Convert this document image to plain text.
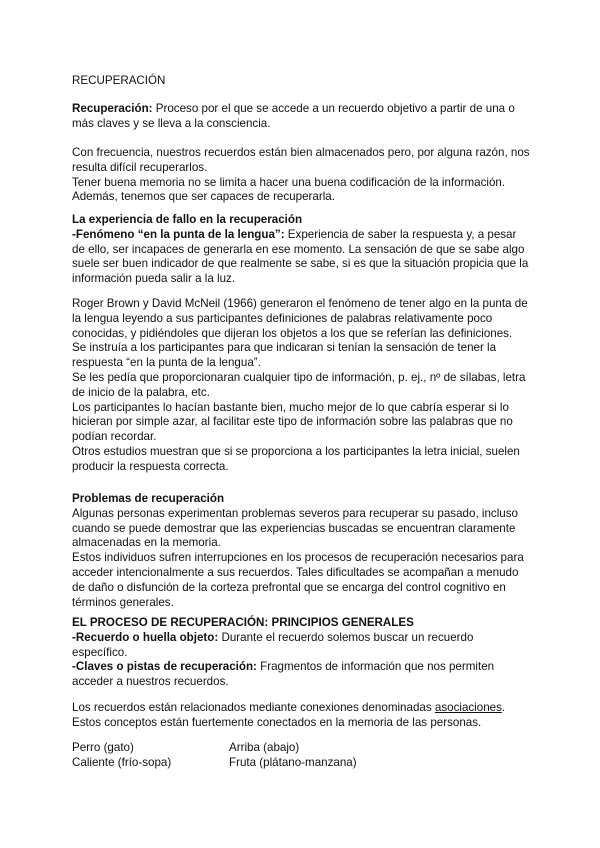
RECUPERACIÓN

Recuperación: Proceso por el que se accede a un recuerdo objetivo a partir de una o más claves y se lleva a la consciencia.

Con frecuencia, nuestros recuerdos están bien almacenados pero, por alguna razón, nos resulta difícil recuperarlos.

Tener buena memoria no se limita a hacer una buena codificación de la información. Además, tenemos que ser capaces de recuperarla.

La experiencia de fallo en la recuperación

-Fenómeno “en la punta de la lengua”: Experiencia de saber la respuesta y, a pesar de ello, ser incapaces de generarla en ese momento. La sensación de que se sabe algo suele ser buen indicador de que realmente se sabe, si es que la situación propicia que la información pueda salir a la luz.

Roger Brown y David McNeil (1966) generaron el fenómeno de tener algo en la punta de la lengua leyendo a sus participantes definiciones de palabras relativamente poco conocidas, y pidiéndoles que dijeran los objetos a los que se referían las definiciones.

Se instruía a los participantes para que indicaran si tenían la sensación de tener la respuesta “en la punta de la lengua”.

Se les pedía que proporcionaran cualquier tipo de información, p. ej., nº de sílabas, letra de inicio de la palabra, etc.

Los participantes lo hacían bastante bien, mucho mejor de lo que cabría esperar si lo hicieran por simple azar, al facilitar este tipo de información sobre las palabras que no podían recordar.

Otros estudios muestran que si se proporciona a los participantes la letra inicial, suelen producir la respuesta correcta.

Problemas de recuperación

Algunas personas experimentan problemas severos para recuperar su pasado, incluso cuando se puede demostrar que las experiencias buscadas se encuentran claramente almacenadas en la memoria.

Estos individuos sufren interrupciones en los procesos de recuperación necesarios para acceder intencionalmente a sus recuerdos. Tales dificultades se acompañan a menudo de daño o disfunción de la corteza prefrontal que se encarga del control cognitivo en términos generales.

EL PROCESO DE RECUPERACIÓN: PRINCIPIOS GENERALES

-Recuerdo o huella objeto: Durante el recuerdo solemos buscar un recuerdo específico.

-Claves o pistas de recuperación: Fragmentos de información que nos permiten acceder a nuestros recuerdos.

Los recuerdos están relacionados mediante conexiones denominadas asociaciones. Estos conceptos están fuertemente conectados en la memoria de las personas.

Perro (gato)	Arriba (abajo)
Caliente (frío-sopa)	Fruta (plátano-manzana)
